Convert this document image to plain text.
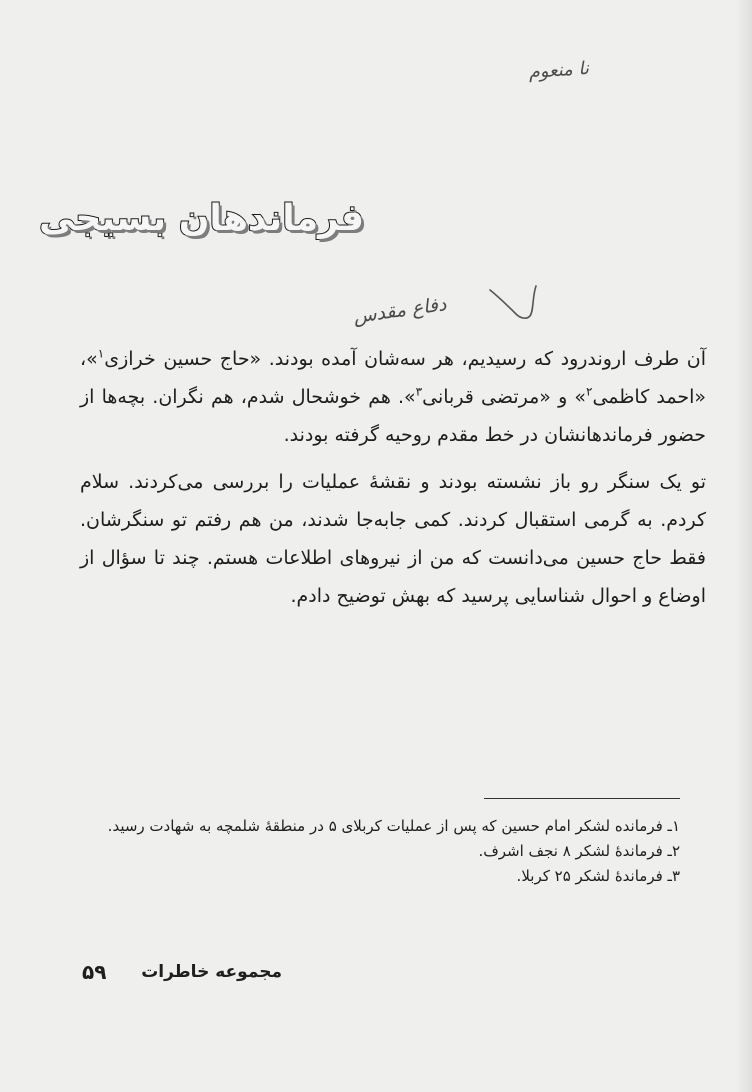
نا منعوم
فرماندهان بسیجی
دفاع مقدس

آن طرف اروندرود که رسیدیم، هر سه‌شان آمده بودند. «حاج حسین خرازی$^۱$»، «احمد کاظمی$^۲$» و «مرتضی قربانی$^۳$». هم خوشحال شدم، هم نگران. بچه‌ها از حضور فرماندهانشان در خط مقدم روحیه گرفته بودند.

تو یک سنگر رو باز نشسته بودند و نقشهٔ عملیات را بررسی می‌کردند. سلام کردم. به گرمی استقبال کردند. کمی جابه‌جا شدند، من هم رفتم تو سنگرشان. فقط حاج حسین می‌دانست که من از نیروهای اطلاعات هستم. چند تا سؤال از اوضاع و احوال شناسایی پرسید که بهش توضیح دادم.

۱ـ فرمانده لشکر امام حسین که پس از عملیات کربلای ۵ در منطقهٔ شلمچه به شهادت رسید.
۲ـ فرماندهٔ لشکر ۸ نجف اشرف.
۳ـ فرماندهٔ لشکر ۲۵ کربلا.
مجموعه خاطرات
۵۹
